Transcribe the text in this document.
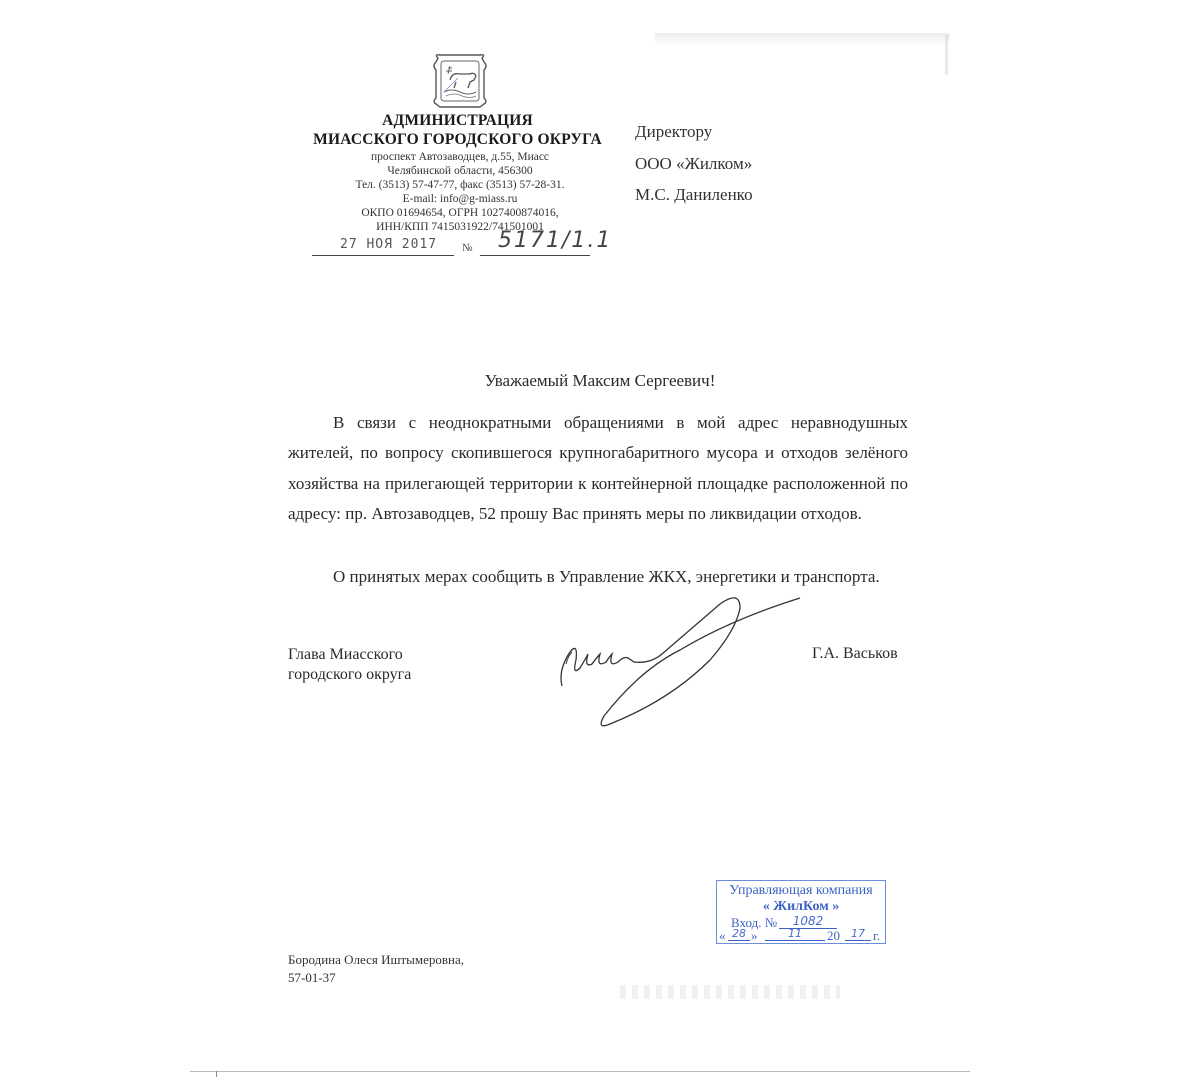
АДМИНИСТРАЦИЯ
МИАССКОГО ГОРОДСКОГО ОКРУГА
проспект Автозаводцев, д.55, Миасс
Челябинской области, 456300
Тел. (3513) 57-47-77, факс (3513) 57-28-31.
E-mail: info@g-miass.ru
ОКПО 01694654, ОГРН 1027400874016,
ИНН/КПП 7415031922/741501001
27 НОЯ 2017 № 5171/1.1
Директору
ООО «Жилком»
М.С. Даниленко
Уважаемый Максим Сергеевич!

В связи с неоднократными обращениями в мой адрес неравнодушных жителей, по вопросу скопившегося крупногабаритного мусора и отходов зелёного хозяйства на прилегающей территории к контейнерной площадке расположенной по адресу: пр. Автозаводцев, 52 прошу Вас принять меры по ликвидации отходов.

О принятых мерах сообщить в Управление ЖКХ, энергетики и транспорта.

Глава Миасского
городского округа
Г.А. Васьков
Управляющая компания
« ЖилКом »
Вход. №	1082
« 28 »	11	20	17 г.
Бородина Олеся Иштымеровна,
57-01-37
